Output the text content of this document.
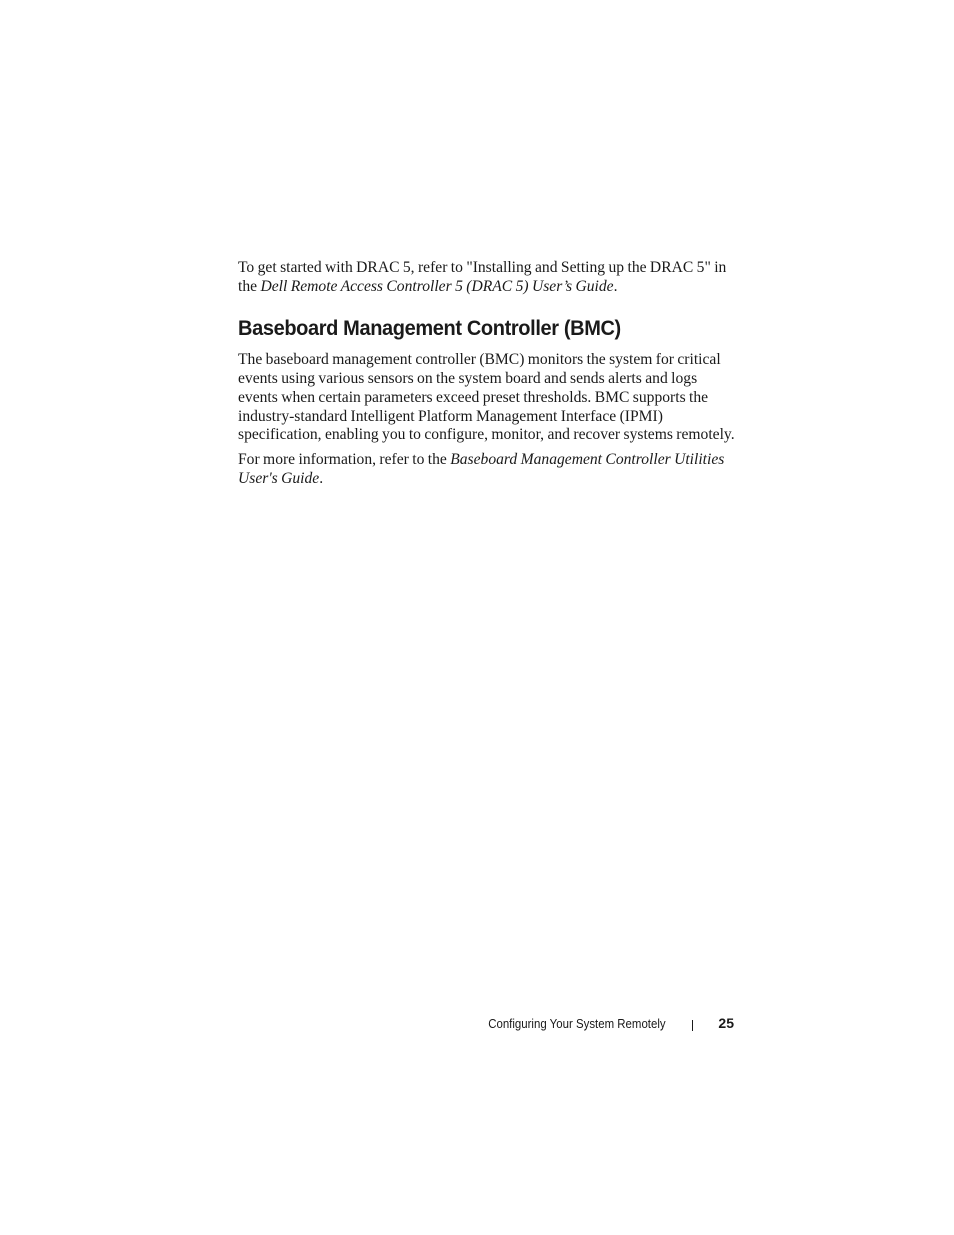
To get started with DRAC 5, refer to "Installing and Setting up the DRAC 5" in the Dell Remote Access Controller 5 (DRAC 5) User’s Guide.

Baseboard Management Controller (BMC)

The baseboard management controller (BMC) monitors the system for critical events using various sensors on the system board and sends alerts and logs events when certain parameters exceed preset thresholds. BMC supports the industry-standard Intelligent Platform Management Interface (IPMI) specification, enabling you to configure, monitor, and recover systems remotely.

For more information, refer to the Baseboard Management Controller Utilities User's Guide.

Configuring Your System Remotely	25
